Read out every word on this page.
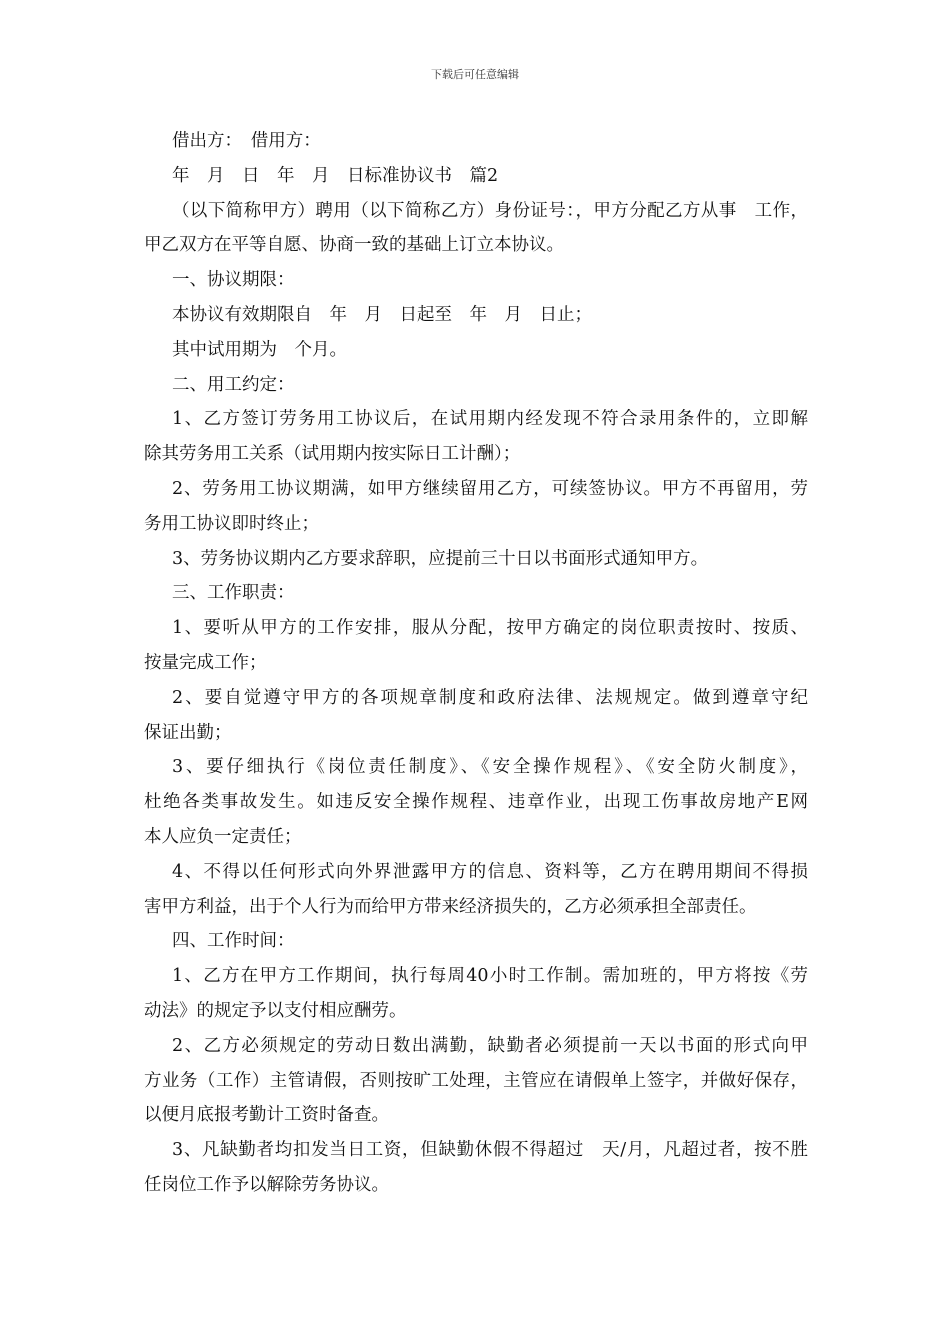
下载后可任意编辑
借出方：　借用方：
年　月　日　年　月　日标准协议书　篇2
（以下简称甲方）聘用（以下简称乙方）身份证号：，甲方分配乙方从事　工作，
甲乙双方在平等自愿、协商一致的基础上订立本协议。
一、协议期限：
本协议有效期限自　年　月　日起至　年　月　日止；
其中试用期为　个月。
二、用工约定：
1、乙方签订劳务用工协议后，在试用期内经发现不符合录用条件的，立即解
除其劳务用工关系（试用期内按实际日工计酬）；
2、劳务用工协议期满，如甲方继续留用乙方，可续签协议。甲方不再留用，劳
务用工协议即时终止；
3、劳务协议期内乙方要求辞职，应提前三十日以书面形式通知甲方。
三、工作职责：
1、要听从甲方的工作安排，服从分配，按甲方确定的岗位职责按时、按质、
按量完成工作；
2、要自觉遵守甲方的各项规章制度和政府法律、法规规定。做到遵章守纪
保证出勤；
3、要仔细执行《岗位责任制度》、《安全操作规程》、《安全防火制度》，
杜绝各类事故发生。如违反安全操作规程、违章作业，出现工伤事故房地产E网
本人应负一定责任；
4、不得以任何形式向外界泄露甲方的信息、资料等，乙方在聘用期间不得损
害甲方利益，出于个人行为而给甲方带来经济损失的，乙方必须承担全部责任。
四、工作时间：
1、乙方在甲方工作期间，执行每周40小时工作制。需加班的，甲方将按《劳
动法》的规定予以支付相应酬劳。
2、乙方必须规定的劳动日数出满勤，缺勤者必须提前一天以书面的形式向甲
方业务（工作）主管请假，否则按旷工处理，主管应在请假单上签字，并做好保存，
以便月底报考勤计工资时备查。
3、凡缺勤者均扣发当日工资，但缺勤休假不得超过　天/月，凡超过者，按不胜
任岗位工作予以解除劳务协议。
